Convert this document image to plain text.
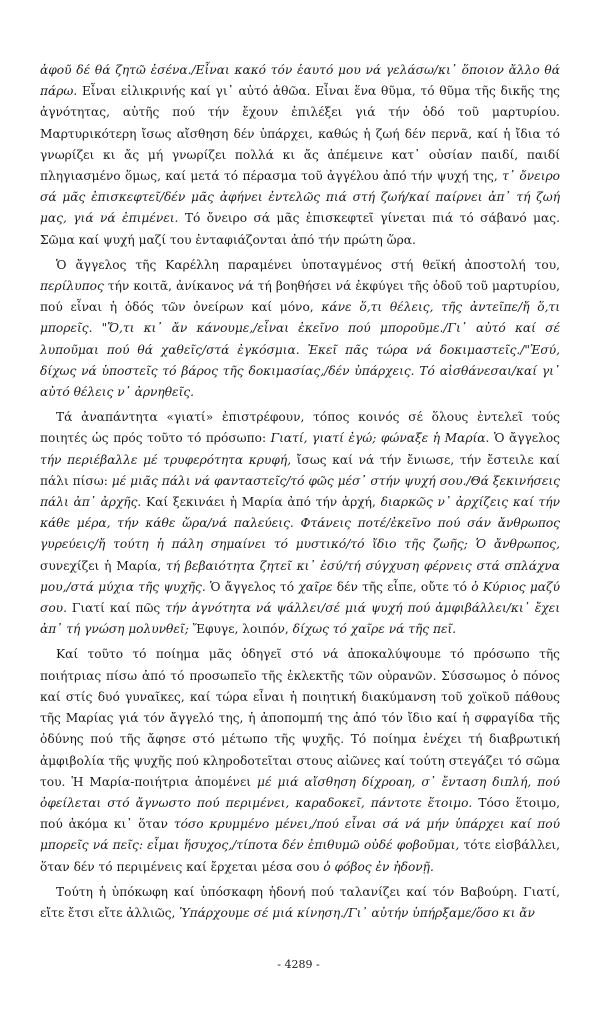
ἀφοῦ δέ θά ζητῶ ἐσένα./Εἶναι κακό τόν ἑαυτό μου νά γελάσω/κι᾽ ὅποιον ἄλλο θά πάρω. Εἶναι εἰλικρινής καί γι᾽ αὐτό ἀθῶα. Εἶναι ἕνα θῦμα, τό θῦμα τῆς δικῆς της ἀγνότητας, αὐτῆς πού τήν ἔχουν ἐπιλέξει γιά τήν ὁδό τοῦ μαρτυρίου. Μαρτυρικότερη ἴσως αἴσθηση δέν ὑπάρχει, καθώς ἡ ζωή δέν περνᾶ, καί ἡ ἴδια τό γνωρίζει κι ἄς μή γνωρίζει πολλά κι ἄς ἀπέμεινε κατ᾽ οὐσίαν παιδί, παιδί πληγιασμένο ὅμως, καί μετά τό πέρασμα τοῦ ἀγγέλου ἀπό τήν ψυχή της, τ᾽ ὄνειρο σά μᾶς ἐπισκεφτεῖ/δέν μᾶς ἀφήνει ἐντελῶς πιά στή ζωή/καί παίρνει ἀπ᾽ τή ζωή μας, γιά νά ἐπιμένει. Τό ὄνειρο σά μᾶς ἐπισκεφτεῖ γίνεται πιά τό σάβανό μας. Σῶμα καί ψυχή μαζί του ἐνταφιάζονται ἀπό τήν πρώτη ὥρα.

Ὁ ἄγγελος τῆς Καρέλλη παραμένει ὑποταγμένος στή θεϊκή ἀποστολή του, περίλυπος τήν κοιτᾶ, ἀνίκανος νά τή βοηθήσει νά ἐκφύγει τῆς ὁδοῦ τοῦ μαρτυρίου, πού εἶναι ἡ ὁδός τῶν ὀνείρων καί μόνο, κάνε ὅ,τι θέλεις, τῆς ἀντεῖπε/ἤ ὅ,τι μπορεῖς. "Ὅ,τι κι᾽ ἄν κάνουμε,/εἶναι ἐκεῖνο πού μποροῦμε./Γι᾽ αὐτό καί σέ λυποῦμαι πού θά χαθεῖς/στά ἐγκόσμια. Ἐκεῖ πᾶς τώρα νά δοκιμαστεῖς./"Ἐσύ, δίχως νά ὑποστεῖς τό βάρος τῆς δοκιμασίας,/δέν ὑπάρχεις. Τό αἰσθάνεσαι/καί γι᾽ αὐτό θέλεις ν᾽ ἀρνηθεῖς.

Τά ἀναπάντητα «γιατί» ἐπιστρέφουν, τόπος κοινός σέ ὅλους ἐντελεῖ τούς ποιητές ὡς πρός τοῦτο τό πρόσωπο: Γιατί, γιατί ἐγώ; φώναξε ἡ Μαρία. Ὁ ἄγγελος τήν περιέβαλλε μέ τρυφερότητα κρυφή, ἴσως καί νά τήν ἔνιωσε, τήν ἔστειλε καί πάλι πίσω: μέ μιᾶς πάλι νά φανταστεῖς/τό φῶς μέσ᾽ στήν ψυχή σου./Θά ξεκινήσεις πάλι ἀπ᾽ ἀρχῆς. Καί ξεκινάει ἡ Μαρία ἀπό τήν ἀρχή, διαρκῶς ν᾽ ἀρχίζεις καί τήν κάθε μέρα, τήν κάθε ὥρα/νά παλεύεις. Φτάνεις ποτέ/ἐκεῖνο πού σάν ἄνθρωπος γυρεύεις/ἤ τούτη ἡ πάλη σημαίνει τό μυστικό/τό ἴδιο τῆς ζωῆς; Ὁ ἄνθρωπος, συνεχίζει ἡ Μαρία, τή βεβαιότητα ζητεῖ κι᾽ ἐσύ/τή σύγχυση φέρνεις στά σπλάχνα μου,/στά μύχια τῆς ψυχῆς. Ὁ ἄγγελος τό χαῖρε δέν τῆς εἶπε, οὔτε τό ὁ Κύριος μαζύ σου. Γιατί καί πῶς τήν ἀγνότητα νά ψάλλει/σέ μιά ψυχή πού ἀμφιβάλλει/κι᾽ ἔχει ἀπ᾽ τή γνώση μολυνθεῖ; Ἔφυγε, λοιπόν, δίχως τό χαῖρε νά τῆς πεῖ.

Καί τοῦτο τό ποίημα μᾶς ὁδηγεῖ στό νά ἀποκαλύψουμε τό πρόσωπο τῆς ποιήτριας πίσω ἀπό τό προσωπεῖο τῆς ἐκλεκτῆς τῶν οὐρανῶν. Σύσσωμος ὁ πόνος καί στίς δυό γυναῖκες, καί τώρα εἶναι ἡ ποιητική διακύμανση τοῦ χοϊκοῦ πάθους τῆς Μαρίας γιά τόν ἄγγελό της, ἡ ἀποπομπή της ἀπό τόν ἴδιο καί ἡ σφραγίδα τῆς ὀδύνης πού τῆς ἄφησε στό μέτωπο τῆς ψυχῆς. Τό ποίημα ἐνέχει τή διαβρωτική ἀμφιβολία τῆς ψυχῆς πού κληροδοτεῖται στους αἰῶνες καί τούτη στεγάζει τό σῶμα του. Ἡ Μαρία-ποιήτρια ἀπομένει μέ μιά αἴσθηση δίχροαη, σ᾽ ἔνταση διπλή, πού ὀφείλεται στό ἄγνωστο πού περιμένει, καραδοκεῖ, πάντοτε ἕτοιμο. Τόσο ἕτοιμο, πού ἀκόμα κι᾽ ὅταν τόσο κρυμμένο μένει,/πού εἶναι σά νά μήν ὑπάρχει καί πού μπορεῖς νά πεῖς: εἶμαι ἥσυχος,/τίποτα δέν ἐπιθυμῶ οὐδέ φοβοῦμαι, τότε εἰσβάλλει, ὅταν δέν τό περιμένεις καί ἔρχεται μέσα σου ὁ φόβος ἐν ἡδονῇ.

Τούτη ἡ ὑπόκωφη καί ὑπόσκαφη ἡδονή πού ταλανίζει καί τόν Βαβούρη. Γιατί, εἴτε ἔτσι εἴτε ἀλλιῶς, Ὑπάρχουμε σέ μιά κίνηση./Γι᾽ αὐτήν ὑπήρξαμε/ὅσο κι ἄν

- 4289 -
